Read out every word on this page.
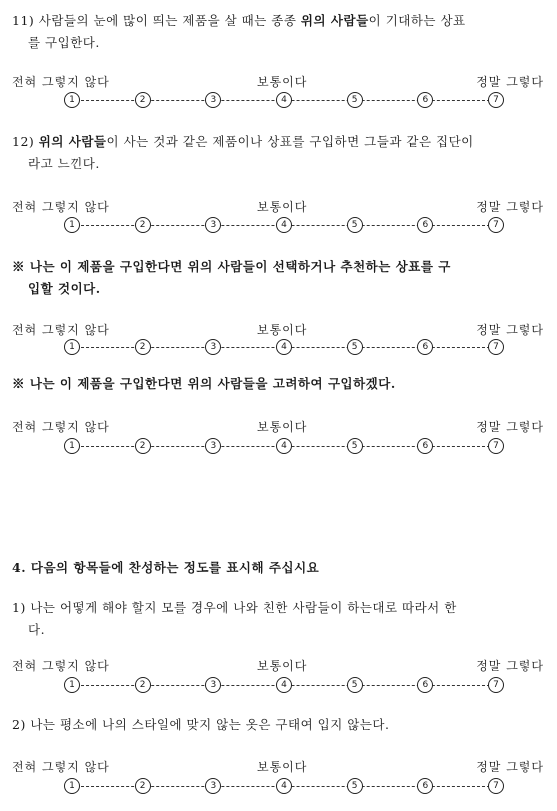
11) 사람들의 눈에 많이 띄는 제품을 살 때는 종종 위의 사람들이 기대하는 상표
를 구입한다.
전혀 그렇지 않다	보통이다	정말 그렇다
1	2	3	4	5	6	7
12) 위의 사람들이 사는 것과 같은 제품이나 상표를 구입하면 그들과 같은 집단이
라고 느낀다.
전혀 그렇지 않다	보통이다	정말 그렇다
1	2	3	4	5	6	7
※ 나는 이 제품을 구입한다면 위의 사람들이 선택하거나 추천하는 상표를 구
입할 것이다.
전혀 그렇지 않다	보통이다	정말 그렇다
1	2	3	4	5	6	7
※ 나는 이 제품을 구입한다면 위의 사람들을 고려하여 구입하겠다.
전혀 그렇지 않다	보통이다	정말 그렇다
1	2	3	4	5	6	7
4. 다음의 항목들에 찬성하는 정도를 표시해 주십시요
1) 나는 어떻게 해야 할지 모를 경우에 나와 친한 사람들이 하는대로 따라서 한
다.
전혀 그렇지 않다	보통이다	정말 그렇다
1	2	3	4	5	6	7
2) 나는 평소에 나의 스타일에 맞지 않는 옷은 구태여 입지 않는다.
전혀 그렇지 않다	보통이다	정말 그렇다
1	2	3	4	5	6	7
